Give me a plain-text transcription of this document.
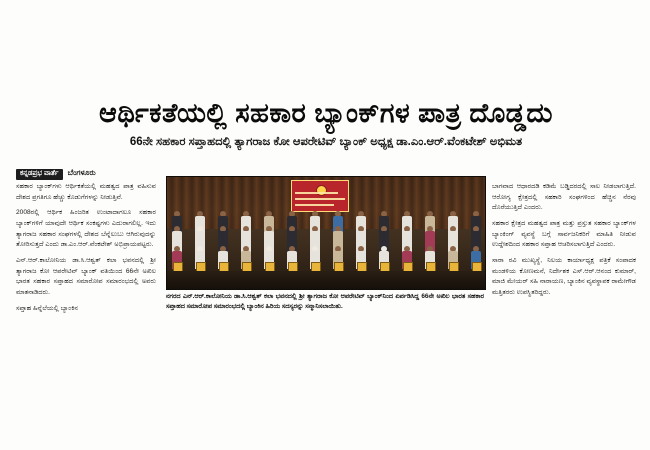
ಆರ್ಥಿಕತೆಯಲ್ಲಿ ಸಹಕಾರ ಬ್ಯಾಂಕ್‌ಗಳ ಪಾತ್ರ ದೊಡ್ಡದು
66ನೇ ಸಹಕಾರ ಸಪ್ತಾಹದಲ್ಲಿ ತ್ಯಾಗರಾಜ ಕೋ ಆಪರೇಟಿವ್ ಬ್ಯಾಂಕ್ ಅಧ್ಯಕ್ಷ ಡಾ.ಎಂ.ಆರ್.ವೆಂಕಟೇಶ್ ಅಭಿಮತ
ಕನ್ನಡಪ್ರಭ ವಾರ್ತೆ ಬೆಂಗಳೂರು

ಸಹಕಾರ ಬ್ಯಾಂಕ್‌ಗಳು ಆರ್ಥಿಕತೆಯಲ್ಲಿ ಮಹತ್ವದ ಪಾತ್ರ ವಹಿಸುವ ದೇಶದ ಪ್ರಗತಿಗೂ ಹೆಚ್ಚು ಕೊಡುಗೆಗಳನ್ನು ನೀಡುತ್ತಿವೆ.

2008ರಲ್ಲಿ ಆರ್ಥಿಕ ಹಿಂಜರಿತ ಉಂಟಾದಾಗಲೂ ಸಹಕಾರ ಬ್ಯಾಂಕ್‌ಗಳಿಗೆ ಯಾವುದೇ ಆರ್ಥಿಕ ಸಂಕಷ್ಟಗಳು ಎದುರಾಗಲಿಲ್ಲ. ಇದು ತ್ಯಾಗರಾಜ ಸಹಕಾರ ಸಂಘಗಳಲ್ಲಿ ದೇಶದ ಬೆನ್ನೆಲುಬು ಆಗಿರುವುದನ್ನು ತೋರಿಸುತ್ತದೆ ಎಂದು ಡಾ.ಎಂ.ಆರ್.ವೆಂಕಟೇಶ್ ಅಭಿಪ್ರಾಯಪಟ್ಟರು.

ಎನ್.ಆರ್.ಕಾಲೋನಿಯ ಡಾ.ಸಿ.ಆಶ್ವತ್ ಕಲಾ ಭವನದಲ್ಲಿ ಶ್ರೀ ತ್ಯಾಗರಾಜ ಕೋ ಆಪರೇಟಿವ್ ಬ್ಯಾಂಕ್ ವತಿಯಿಂದ 66ನೇ ಅಖಿಲ ಭಾರತ ಸಹಕಾರ ಸಪ್ತಾಹದ ಸಮಾರೋಪ ಸಮಾರಂಭದಲ್ಲಿ ಅವರು ಮಾತನಾಡಿದರು.

ಸಪ್ತಾಹ ಹಿನ್ನೆಲೆಯಲ್ಲಿ ಬ್ಯಾಂಕಿನ

ನಗರದ ಎನ್.ಆರ್.ಕಾಲೋನಿಯ ಡಾ.ಸಿ.ಆಶ್ವತ್ ಕಲಾ ಭವನದಲ್ಲಿ ಶ್ರೀ ತ್ಯಾಗರಾಜ ಕೋ ಆಪರೇಟಿವ್ ಬ್ಯಾಂಕ್‌ನಿಂದ ಏರ್ಪಡಿಸಿದ್ದ 66ನೇ ಅಖಿಲ ಭಾರತ ಸಹಕಾರ ಸಪ್ತಾಹದ ಸಮಾರೋಪ ಸಮಾರಂಭದಲ್ಲಿ ಬ್ಯಾಂಕಿನ ಹಿರಿಯ ಸದಸ್ಯರನ್ನು ಸನ್ಮಾನಿಸಲಾಯಿತು.

ಬಾಗವಾದ ಆಧಾರದಡಿ ಕಡಿಮೆ ಬಡ್ಡಿದರದಲ್ಲಿ ಸಾಲ ನೀಡಲಾಗುತ್ತಿದೆ. ಆರೋಗ್ಯ ಕ್ಷೇತ್ರದಲ್ಲಿ ಸಹಕಾರಿ ಸಂಘಗಳಿಂದ ಹೆಚ್ಚಿನ ನೆರವು ದೊರೆಯುತ್ತಿದೆ ಎಂದರು.

ಸಹಕಾರ ಕ್ಷೇತ್ರದ ಮಹತ್ವದ ಪಾತ್ರ ಮತ್ತು ಪ್ರಸ್ತುತ ಸಹಕಾರ ಬ್ಯಾಂಕ್‌ಗಳ ಬ್ಯಾಂಕಿಂಗ್ ವ್ಯವಸ್ಥೆ ಬಗ್ಗೆ ಸಾರ್ವಜನಿಕರಿಗೆ ಮಾಹಿತಿ ನೀಡುವ ಉದ್ದೇಶದಿಂದ ಸಹಕಾರ ಸಪ್ತಾಹ ಆಚರಿಸಲಾಗುತ್ತಿದೆ ಎಂದರು.

ಸಾರಾ ರವಿ ಮುಖ್ಯಸ್ಥೆ, ನಿಲಯ ಕಾರ್ಯಾಧ್ಯಕ್ಷ ಪತ್ರಿಕೆ ಸಂಪಾದಕ ಮಂಡಳಿಯ ಕೋಣಮನೆ, ನಿರ್ದೇಶಕ ಎಸ್.ಆರ್.ಆನಂದ ಕುಮಾರ್, ಮಾಜಿ ಮೇಯರ್ ಸಹಿ ನಾರಾಯಣ, ಬ್ಯಾಂಕಿನ ವ್ಯವಸ್ಥಾಪಕ ರಾಮೇಗೌಡ ಮತ್ತಿತರರು ಉಪಸ್ಥಿತರಿದ್ದರು.
